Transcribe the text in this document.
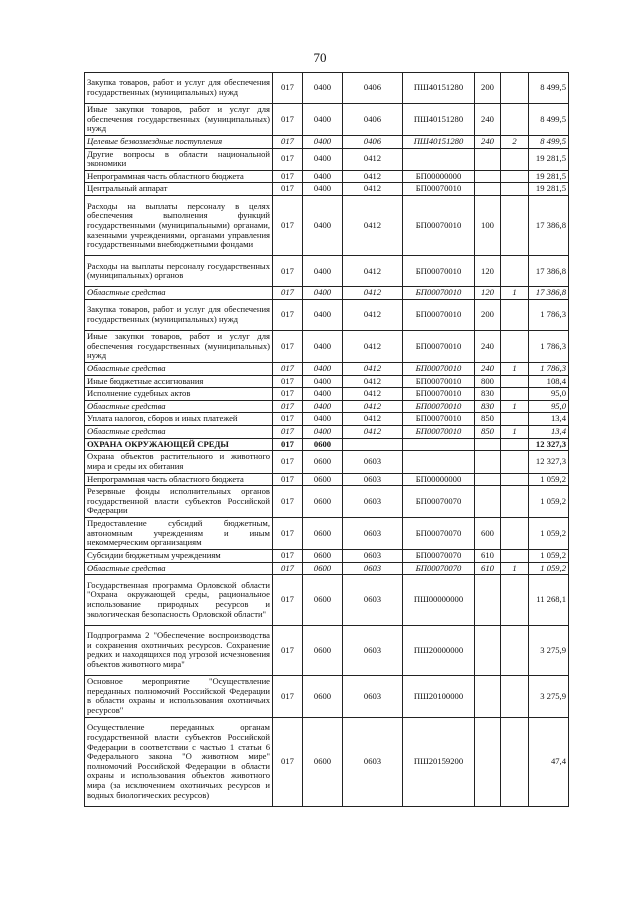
70
Закупка товаров, работ и услуг для обеспечения государственных (муниципальных) нужд	017	0400	0406	ПШ40151280	200		8 499,5
Иные закупки товаров, работ и услуг для обеспечения государственных (муниципальных) нужд	017	0400	0406	ПШ40151280	240		8 499,5
Целевые безвозмездные поступления	017	0400	0406	ПШ40151280	240	2	8 499,5
Другие вопросы в области национальной экономики	017	0400	0412				19 281,5
Непрограммная часть областного бюджета	017	0400	0412	БП00000000			19 281,5
Центральный аппарат	017	0400	0412	БП00070010			19 281,5
Расходы на выплаты персоналу в целях обеспечения выполнения функций государственными (муниципальными) органами, казенными учреждениями, органами управления государственными внебюджетными фондами	017	0400	0412	БП00070010	100		17 386,8
Расходы на выплаты персоналу государственных (муниципальных) органов	017	0400	0412	БП00070010	120		17 386,8
Областные средства	017	0400	0412	БП00070010	120	1	17 386,8
Закупка товаров, работ и услуг для обеспечения государственных (муниципальных) нужд	017	0400	0412	БП00070010	200		1 786,3
Иные закупки товаров, работ и услуг для обеспечения государственных (муниципальных) нужд	017	0400	0412	БП00070010	240		1 786,3
Областные средства	017	0400	0412	БП00070010	240	1	1 786,3
Иные бюджетные ассигнования	017	0400	0412	БП00070010	800		108,4
Исполнение судебных актов	017	0400	0412	БП00070010	830		95,0
Областные средства	017	0400	0412	БП00070010	830	1	95,0
Уплата налогов, сборов и иных платежей	017	0400	0412	БП00070010	850		13,4
Областные средства	017	0400	0412	БП00070010	850	1	13,4
ОХРАНА ОКРУЖАЮЩЕЙ СРЕДЫ	017	0600					12 327,3
Охрана объектов растительного и животного мира и среды их обитания	017	0600	0603				12 327,3
Непрограммная часть областного бюджета	017	0600	0603	БП00000000			1 059,2
Резервные фонды исполнительных органов государственной власти субъектов Российской Федерации	017	0600	0603	БП00070070			1 059,2
Предоставление субсидий бюджетным, автономным учреждениям и иным некоммерческим организациям	017	0600	0603	БП00070070	600		1 059,2
Субсидии бюджетным учреждениям	017	0600	0603	БП00070070	610		1 059,2
Областные средства	017	0600	0603	БП00070070	610	1	1 059,2
Государственная программа Орловской области "Охрана окружающей среды, рациональное использование природных ресурсов и экологическая безопасность Орловской области"	017	0600	0603	ПШ00000000			11 268,1
Подпрограмма 2 "Обеспечение воспроизводства и сохранения охотничьих ресурсов. Сохранение редких и находящихся под угрозой исчезновения объектов животного мира"	017	0600	0603	ПШ20000000			3 275,9
Основное мероприятие "Осуществление переданных полномочий Российской Федерации в области охраны и использования охотничьих ресурсов"	017	0600	0603	ПШ20100000			3 275,9
Осуществление переданных органам государственной власти субъектов Российской Федерации в соответствии с частью 1 статьи 6 Федерального закона "О животном мире" полномочий Российской Федерации в области охраны и использования объектов животного мира (за исключением охотничьих ресурсов и водных биологических ресурсов)	017	0600	0603	ПШ20159200			47,4
